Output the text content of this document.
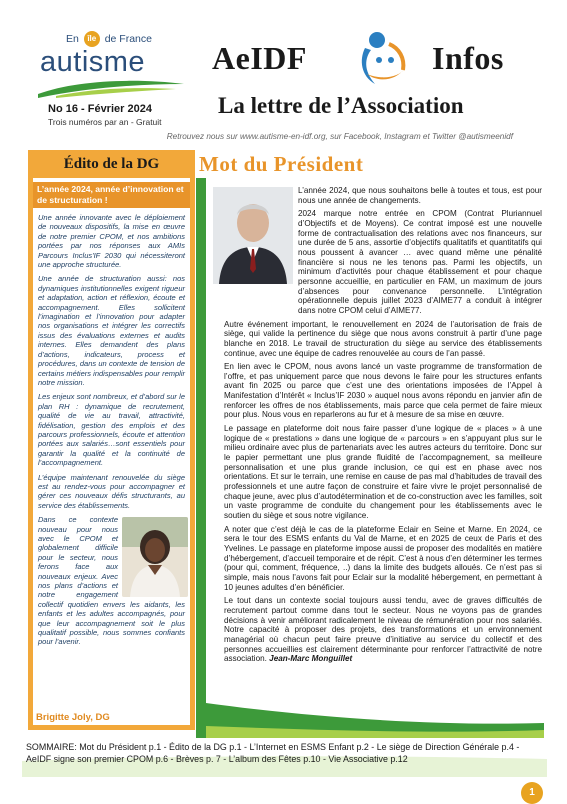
En île de France
autisme
No 16 - Février 2024
Trois numéros par an - Gratuit
AeIDF	Infos
La lettre de l’Association
Retrouvez nous sur www.autisme-en-idf.org, sur Facebook, Instagram et Twitter @autismeenidf
Édito de la DG
L’année 2024, année d’innovation et de structuration !

Une année innovante avec le déploiement de nouveaux dispositifs, la mise en œuvre de notre premier CPOM, et nos ambitions portées par nos réponses aux AMIs Parcours Inclus'IF 2030 qui nécessiteront une approche structurée.

Une année de structuration aussi: nos dynamiques institutionnelles exigent rigueur et adaptation, action et réflexion, écoute et accompagnement. Elles sollicitent l’imagination et l’innovation pour adapter nos organisations et intégrer les correctifs issus des évaluations externes et audits internes. Elles demandent des plans d’actions, indicateurs, process et procédures, dans un contexte de tension de certains métiers indispensables pour remplir notre mission.

Les enjeux sont nombreux, et d’abord sur le plan RH : dynamique de recrutement, qualité de vie au travail, attractivité, fidélisation, gestion des emplois et des parcours professionnels, écoute et attention portées aux salariés…sont essentiels pour garantir la qualité et la continuité de l’accompagnement.

L’équipe maintenant renouvelée du siège est au rendez-vous pour accompagner et gérer ces nouveaux défis structurants, au service des établissements.

Dans ce contexte nouveau pour nous avec le CPOM et globalement difficile pour le secteur, nous ferons face aux nouveaux enjeux. Avec nos plans d’actions et notre engagement collectif quotidien envers les aidants, les enfants et les adultes accompagnés, pour que leur accompagnement soit le plus qualitatif possible, nous sommes confiants pour l’avenir.

Brigitte Joly, DG
Mot du Président

L’année 2024, que nous souhaitons belle à toutes et tous, est pour nous une année de changements.

2024 marque notre entrée en CPOM (Contrat Pluriannuel d’Objectifs et de Moyens). Ce contrat imposé est une nouvelle forme de contractualisation des relations avec nos financeurs, sur une durée de 5 ans, assortie d’objectifs qualitatifs et quantitatifs qui nous poussent à avancer … avec quand même une pénalité financière si nous ne les tenons pas. Parmi les objectifs, un minimum d’activités pour chaque établissement et pour chaque personne accueillie, en particulier en FAM, un maximum de jours d’absences pour convenance personnelle. L’intégration opérationnelle depuis juillet 2023 d’AIME77 a conduit à intégrer dans notre CPOM celui d’AIME77.

Autre événement important, le renouvellement en 2024 de l’autorisation de frais de siège, qui valide la pertinence du siège que nous avons construit à partir d’une page blanche en 2018. Le travail de structuration du siège au service des établissements continue, avec une équipe de cadres renouvelée au cours de l’an passé.

En lien avec le CPOM, nous avons lancé un vaste programme de transformation de l’offre, et pas uniquement parce que nous devons le faire pour les structures enfants avant fin 2025 ou parce que c’est une des orientations imposées de l’Appel à Manifestation d’Intérêt « Inclus’IF 2030 » auquel nous avons répondu en janvier afin de renforcer les offres de nos établissements, mais parce que cela permet de faire mieux pour plus. Nous vous en reparlerons au fur et à mesure de sa mise en œuvre.

Le passage en plateforme doit nous faire passer d’une logique de « places » à une logique de « prestations » dans une logique de « parcours » en s’appuyant plus sur le milieu ordinaire avec plus de partenariats avec les autres acteurs du territoire. Donc sur le papier permettant une plus grande fluidité de l’accompagnement, sa meilleure personnalisation et une plus grande inclusion, ce qui est en phase avec nos orientations. Et sur le terrain, une remise en cause de pas mal d’habitudes de travail des professionnels et une autre façon de construire et faire vivre le projet personnalisé de chaque jeune, avec plus d’autodétermination et de co-construction avec les familles, soit un vaste programme de conduite du changement pour les établissements avec le soutien du siège et sous notre vigilance.

A noter que c’est déjà le cas de la plateforme Eclair en Seine et Marne. En 2024, ce sera le tour des ESMS enfants du Val de Marne, et en 2025 de ceux de Paris et des Yvelines. Le passage en plateforme impose aussi de proposer des modalités en matière d’hébergement, d’accueil temporaire et de répit. C’est à nous d’en déterminer les termes (pour qui, comment, fréquence, ..) dans la limite des budgets alloués. Ce n’est pas si simple, mais nous l’avons fait pour Eclair sur la modalité hébergement, en permettant à 10 jeunes adultes d’en bénéficier.

Le tout dans un contexte social toujours aussi tendu, avec de graves difficultés de recrutement partout comme dans tout le secteur. Nous ne voyons pas de grandes décisions à venir améliorant radicalement le niveau de rémunération pour nos salariés. Notre capacité à proposer des projets, des transformations et un environnement managérial où chacun peut faire preuve d’initiative au service du collectif et des personnes accueillies est clairement déterminante pour renforcer l’attractivité de notre association. Jean-Marc Monguillet

SOMMAIRE: Mot du Président p.1 - Édito de la DG p.1 - L’Internet en ESMS Enfant p.2 - Le siège de Direction Générale p.4 - AeIDF signe son premier CPOM p.6 - Brèves p. 7 - L’album des Fêtes p.10 - Vie Associative p.12
1
